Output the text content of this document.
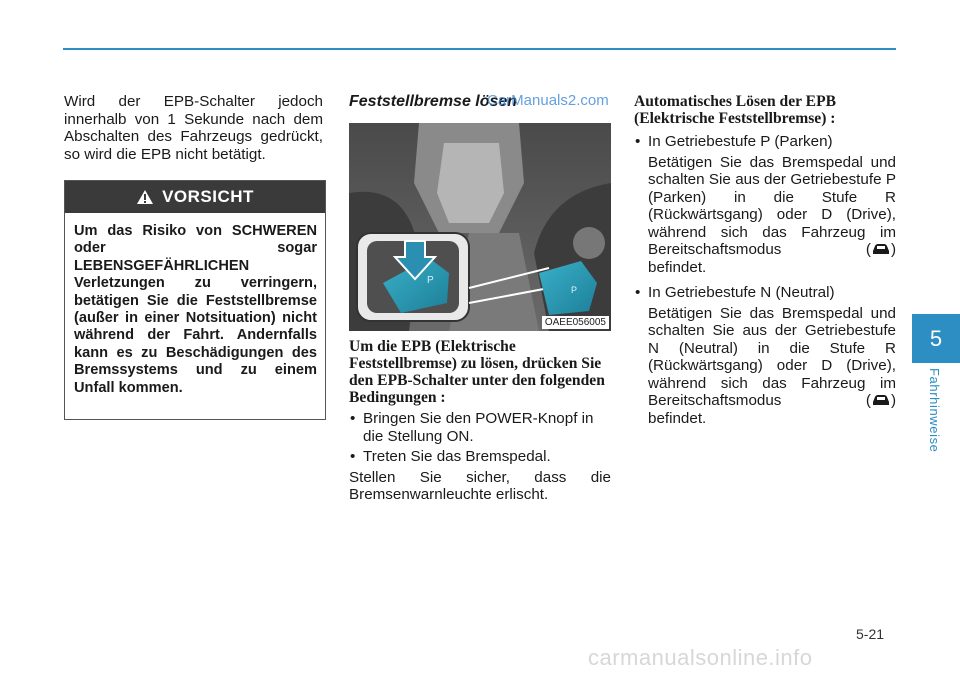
Wird der EPB-Schalter jedoch
innerhalb von 1 Sekunde nach dem
Abschalten des Fahrzeugs gedrückt,
so wird die EPB nicht betätigt.
VORSICHT
Um das Risiko von SCHWEREN oder sogar LEBENSGEFÄHRLICHEN Verletzungen zu verringern, betätigen Sie die Feststellbremse (außer in einer Notsituation) nicht während der Fahrt. Andernfalls kann es zu Beschädigungen des Bremssystems und zu einem Unfall kommen.

Feststellbremse lösen

CarManuals2.com
P
P
OAEE056005

Um die EPB (Elektrische Feststellbremse) zu lösen, drücken Sie den EPB-Schalter unter den folgenden Bedingungen :

• Bringen Sie den POWER-Knopf in die Stellung ON.
• Treten Sie das Bremspedal.

Stellen Sie sicher, dass die Bremsenwarnleuchte erlischt.

Automatisches Lösen der EPB (Elektrische Feststellbremse) :

• In Getriebestufe P (Parken)
Betätigen Sie das Bremspedal und schalten Sie aus der Getriebestufe P (Parken) in die Stufe R (Rückwärtsgang) oder D (Drive), während sich das Fahrzeug im Bereitschaftsmodus	( )
befindet.
• In Getriebestufe N (Neutral)
Betätigen Sie das Bremspedal und schalten Sie aus der Getriebestufe N (Neutral) in die Stufe R (Rückwärtsgang) oder D (Drive), während sich das Fahrzeug im Bereitschaftsmodus	( )
befindet.
5
Fahrhinweise
5-21
carmanualsonline.info
